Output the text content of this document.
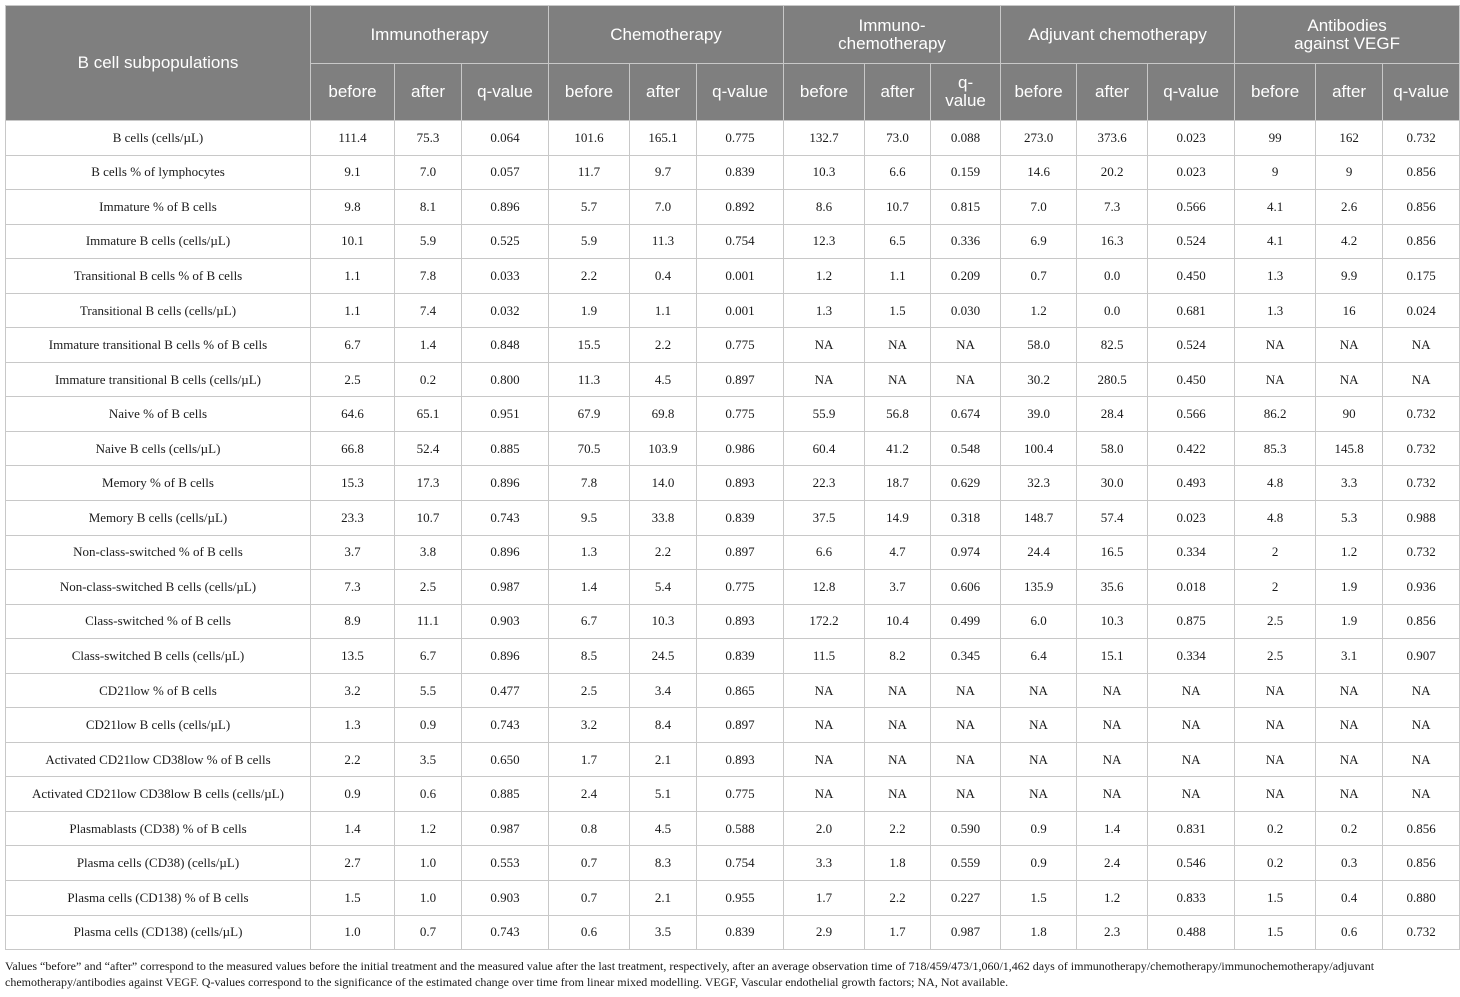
B cell subpopulations	Immunotherapy			Chemotherapy			Immuno-
chemotherapy			Adjuvant chemotherapy			Antibodies
against VEGF		
	before	after	q-value	before	after	q-value	before	after	q-
value	before	after	q-value	before	after	q-value
B cells (cells/µL)	111.4	75.3	0.064	101.6	165.1	0.775	132.7	73.0	0.088	273.0	373.6	0.023	99	162	0.732
B cells % of lymphocytes	9.1	7.0	0.057	11.7	9.7	0.839	10.3	6.6	0.159	14.6	20.2	0.023	9	9	0.856
Immature % of B cells	9.8	8.1	0.896	5.7	7.0	0.892	8.6	10.7	0.815	7.0	7.3	0.566	4.1	2.6	0.856
Immature B cells (cells/µL)	10.1	5.9	0.525	5.9	11.3	0.754	12.3	6.5	0.336	6.9	16.3	0.524	4.1	4.2	0.856
Transitional B cells % of B cells	1.1	7.8	0.033	2.2	0.4	0.001	1.2	1.1	0.209	0.7	0.0	0.450	1.3	9.9	0.175
Transitional B cells (cells/µL)	1.1	7.4	0.032	1.9	1.1	0.001	1.3	1.5	0.030	1.2	0.0	0.681	1.3	16	0.024
Immature transitional B cells % of B cells	6.7	1.4	0.848	15.5	2.2	0.775	NA	NA	NA	58.0	82.5	0.524	NA	NA	NA
Immature transitional B cells (cells/µL)	2.5	0.2	0.800	11.3	4.5	0.897	NA	NA	NA	30.2	280.5	0.450	NA	NA	NA
Naive % of B cells	64.6	65.1	0.951	67.9	69.8	0.775	55.9	56.8	0.674	39.0	28.4	0.566	86.2	90	0.732
Naive B cells (cells/µL)	66.8	52.4	0.885	70.5	103.9	0.986	60.4	41.2	0.548	100.4	58.0	0.422	85.3	145.8	0.732
Memory % of B cells	15.3	17.3	0.896	7.8	14.0	0.893	22.3	18.7	0.629	32.3	30.0	0.493	4.8	3.3	0.732
Memory B cells (cells/µL)	23.3	10.7	0.743	9.5	33.8	0.839	37.5	14.9	0.318	148.7	57.4	0.023	4.8	5.3	0.988
Non-class-switched % of B cells	3.7	3.8	0.896	1.3	2.2	0.897	6.6	4.7	0.974	24.4	16.5	0.334	2	1.2	0.732
Non-class-switched B cells (cells/µL)	7.3	2.5	0.987	1.4	5.4	0.775	12.8	3.7	0.606	135.9	35.6	0.018	2	1.9	0.936
Class-switched % of B cells	8.9	11.1	0.903	6.7	10.3	0.893	172.2	10.4	0.499	6.0	10.3	0.875	2.5	1.9	0.856
Class-switched B cells (cells/µL)	13.5	6.7	0.896	8.5	24.5	0.839	11.5	8.2	0.345	6.4	15.1	0.334	2.5	3.1	0.907
CD21low % of B cells	3.2	5.5	0.477	2.5	3.4	0.865	NA	NA	NA	NA	NA	NA	NA	NA	NA
CD21low B cells (cells/µL)	1.3	0.9	0.743	3.2	8.4	0.897	NA	NA	NA	NA	NA	NA	NA	NA	NA
Activated CD21low CD38low % of B cells	2.2	3.5	0.650	1.7	2.1	0.893	NA	NA	NA	NA	NA	NA	NA	NA	NA
Activated CD21low CD38low B cells (cells/µL)	0.9	0.6	0.885	2.4	5.1	0.775	NA	NA	NA	NA	NA	NA	NA	NA	NA
Plasmablasts (CD38) % of B cells	1.4	1.2	0.987	0.8	4.5	0.588	2.0	2.2	0.590	0.9	1.4	0.831	0.2	0.2	0.856
Plasma cells (CD38) (cells/µL)	2.7	1.0	0.553	0.7	8.3	0.754	3.3	1.8	0.559	0.9	2.4	0.546	0.2	0.3	0.856
Plasma cells (CD138) % of B cells	1.5	1.0	0.903	0.7	2.1	0.955	1.7	2.2	0.227	1.5	1.2	0.833	1.5	0.4	0.880
Plasma cells (CD138) (cells/µL)	1.0	0.7	0.743	0.6	3.5	0.839	2.9	1.7	0.987	1.8	2.3	0.488	1.5	0.6	0.732
Values “before” and “after” correspond to the measured values before the initial treatment and the measured value after the last treatment, respectively, after an average observation time of 718/459/473/1,060/1,462 days of immunotherapy/chemotherapy/immunochemotherapy/adjuvant chemotherapy/antibodies against VEGF. Q-values correspond to the significance of the estimated change over time from linear mixed modelling. VEGF, Vascular endothelial growth factors; NA, Not available.
